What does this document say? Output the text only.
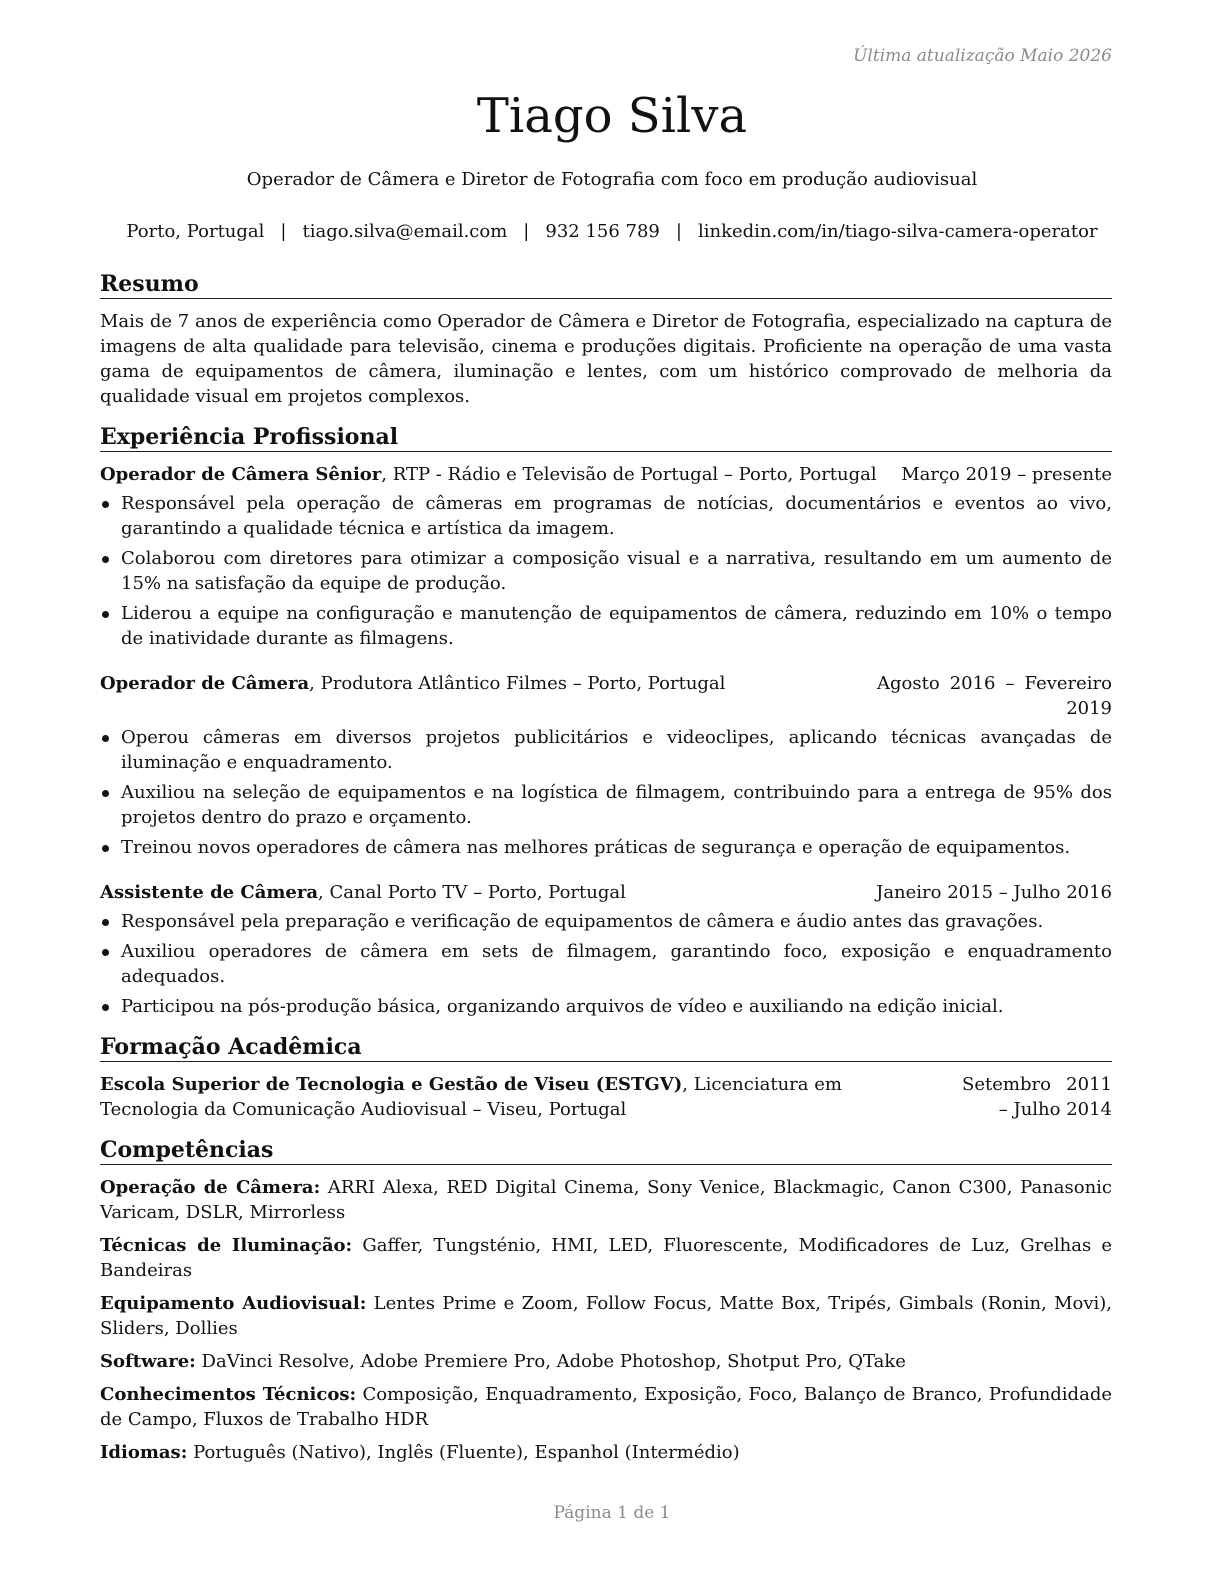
Última atualização Maio 2026
Tiago Silva
Operador de Câmera e Diretor de Fotografia com foco em produção audiovisual
Porto, Portugal | tiago.silva@email.com | 932 156 789 | linkedin.com/in/tiago-silva-camera-operator
Resumo
Mais de 7 anos de experiência como Operador de Câmera e Diretor de Fotografia, especializado na captura de imagens de alta qualidade para televisão, cinema e produções digitais. Proficiente na operação de uma vasta gama de equipamentos de câmera, iluminação e lentes, com um histórico comprovado de melhoria da qualidade visual em projetos complexos.
Experiência Profissional
Operador de Câmera Sênior, RTP - Rádio e Televisão de Portugal – Porto, Portugal Março 2019 – presente
Responsável pela operação de câmeras em programas de notícias, documentários e eventos ao vivo, garantindo a qualidade técnica e artística da imagem.
Colaborou com diretores para otimizar a composição visual e a narrativa, resultando em um aumento de 15% na satisfação da equipe de produção.
Liderou a equipe na configuração e manutenção de equipamentos de câmera, reduzindo em 10% o tempo de inatividade durante as filmagens.
Operador de Câmera, Produtora Atlântico Filmes – Porto, Portugal	Agosto 2016 – Fevereiro 2019
Operou câmeras em diversos projetos publicitários e videoclipes, aplicando técnicas avançadas de iluminação e enquadramento.
Auxiliou na seleção de equipamentos e na logística de filmagem, contribuindo para a entrega de 95% dos projetos dentro do prazo e orçamento.
Treinou novos operadores de câmera nas melhores práticas de segurança e operação de equipamentos.
Assistente de Câmera, Canal Porto TV – Porto, Portugal	Janeiro 2015 – Julho 2016
Responsável pela preparação e verificação de equipamentos de câmera e áudio antes das gravações.
Auxiliou operadores de câmera em sets de filmagem, garantindo foco, exposição e enquadramento adequados.
Participou na pós-produção básica, organizando arquivos de vídeo e auxiliando na edição inicial.
Formação Acadêmica
Escola Superior de Tecnologia e Gestão de Viseu (ESTGV), Licenciatura em Tecnologia da Comunicação Audiovisual – Viseu, Portugal
Setembro 2011 – Julho 2014
Competências
Operação de Câmera: ARRI Alexa, RED Digital Cinema, Sony Venice, Blackmagic, Canon C300, Panasonic Varicam, DSLR, Mirrorless
Técnicas de Iluminação: Gaffer, Tungsténio, HMI, LED, Fluorescente, Modificadores de Luz, Grelhas e Bandeiras
Equipamento Audiovisual: Lentes Prime e Zoom, Follow Focus, Matte Box, Tripés, Gimbals (Ronin, Movi), Sliders, Dollies
Software: DaVinci Resolve, Adobe Premiere Pro, Adobe Photoshop, Shotput Pro, QTake
Conhecimentos Técnicos: Composição, Enquadramento, Exposição, Foco, Balanço de Branco, Profundidade de Campo, Fluxos de Trabalho HDR
Idiomas: Português (Nativo), Inglês (Fluente), Espanhol (Intermédio)
Página 1 de 1
